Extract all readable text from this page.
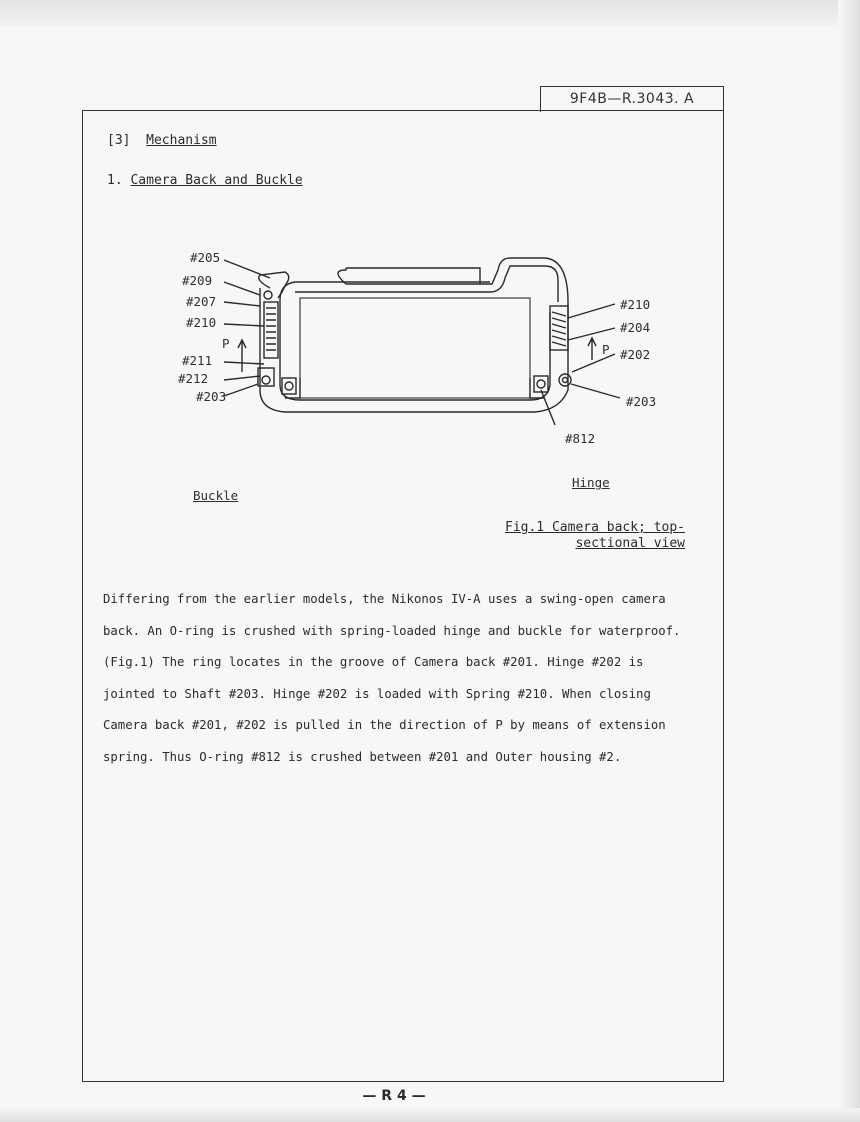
9F4B—R.3043. A
[3] Mechanism
1. Camera Back and Buckle
#205
#209
#207
#210
P
#211
#212
#203
#210
#204
P #202
#203
#812
Buckle
Hinge
Fig.1 Camera back; top-
sectional view

Differing from the earlier models, the Nikonos IV-A uses a swing-open camera

back. An O-ring is crushed with spring-loaded hinge and buckle for waterproof.

(Fig.1) The ring locates in the groove of Camera back #201. Hinge #202 is

jointed to Shaft #203. Hinge #202 is loaded with Spring #210. When closing

Camera back #201, #202 is pulled in the direction of P by means of extension

spring. Thus O-ring #812 is crushed between #201 and Outer housing #2.

— R 4 —
